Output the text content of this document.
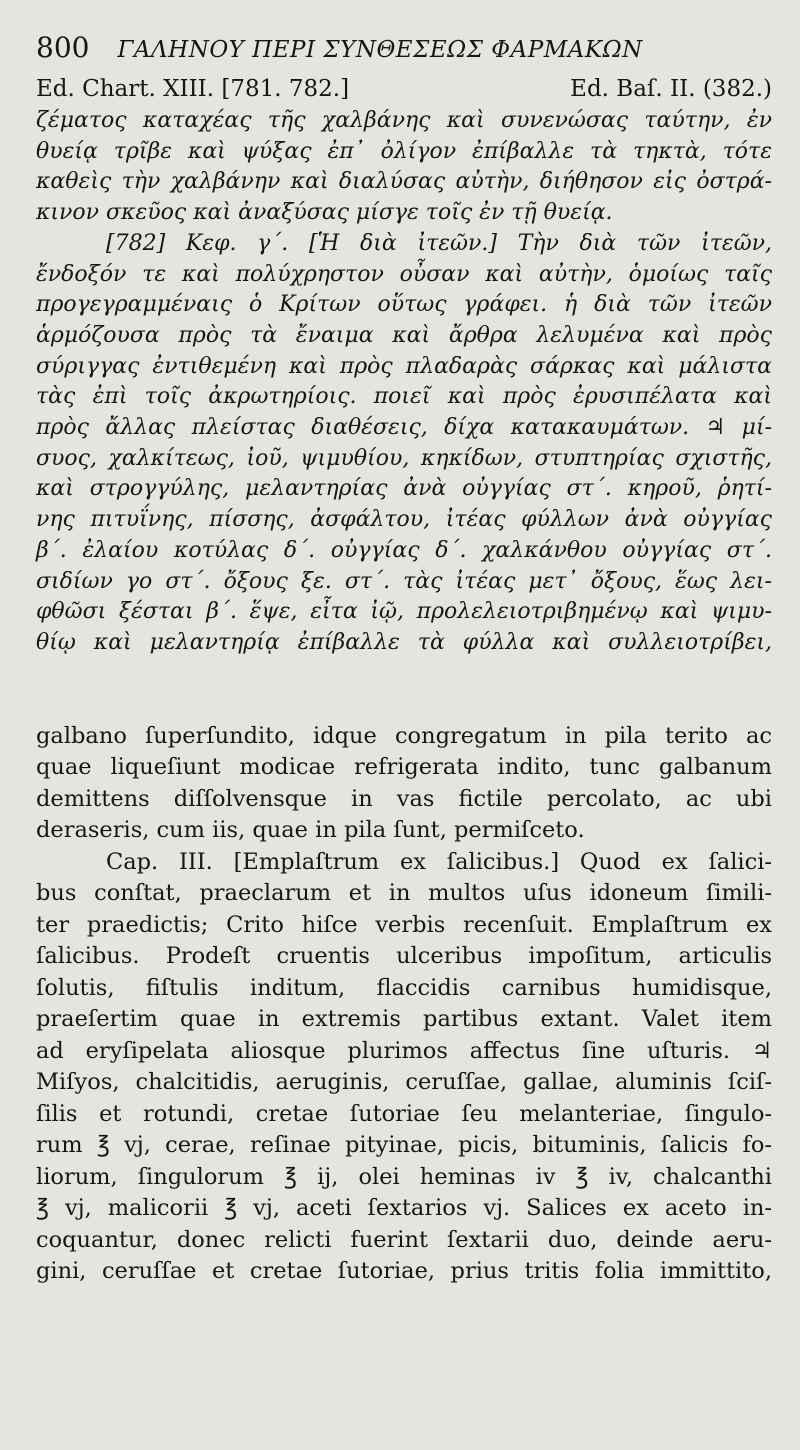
800 ΓΑΛΗΝΟΥ ΠΕΡΙ ΣΥΝΘΕΣΕΩΣ ΦΑΡΜΑΚΩΝ
Ed. Chart. XIII. [781. 782.]	Ed. Baſ. II. (382.)
ζέματος καταχέας τῆς χαλβάνης καὶ συνενώσας ταύτην, ἐν
θυείᾳ τρῖβε καὶ ψύξας ἐπ᾽ ὀλίγον ἐπίβαλλε τὰ τηκτὰ, τότε
καθεὶς τὴν χαλβάνην καὶ διαλύσας αὐτὴν, διήθησον εἰς ὀστρά-
κινον σκεῦος καὶ ἀναξύσας μίσγε τοῖς ἐν τῇ θυείᾳ.
[782] Κεφ. γ΄. [Ἡ διὰ ἰτεῶν.] Τὴν διὰ τῶν ἰτεῶν,
ἔνδοξόν τε καὶ πολύχρηστον οὖσαν καὶ αὐτὴν, ὁμοίως ταῖς
προγεγραμμέναις ὁ Κρίτων οὕτως γράφει. ἡ διὰ τῶν ἰτεῶν
ἁρμόζουσα πρὸς τὰ ἔναιμα καὶ ἄρθρα λελυμένα καὶ πρὸς
σύριγγας ἐντιθεμένη καὶ πρὸς πλαδαρὰς σάρκας καὶ μάλιστα
τὰς ἐπὶ τοῖς ἀκρωτηρίοις. ποιεῖ καὶ πρὸς ἐρυσιπέλατα καὶ
πρὸς ἄλλας πλείστας διαθέσεις, δίχα κατακαυμάτων. ♃ μί-
συος, χαλκίτεως, ἰοῦ, ψιμυθίου, κηκίδων, στυπτηρίας σχιστῆς,
καὶ στρογγύλης, μελαντηρίας ἀνὰ οὐγγίας στ΄. κηροῦ, ῥητί-
νης πιτυΐνης, πίσσης, ἀσφάλτου, ἰτέας φύλλων ἀνὰ οὐγγίας
β΄. ἐλαίου κοτύλας δ΄. οὐγγίας δ΄. χαλκάνθου οὐγγίας στ΄.
σιδίων γο στ΄. ὄξους ξε. στ΄. τὰς ἰτέας μετ᾽ ὄξους, ἕως λει-
φθῶσι ξέσται β΄. ἕψε, εἶτα ἰῷ, προλελειοτριβημένῳ καὶ ψιμυ-
θίῳ καὶ μελαντηρίᾳ ἐπίβαλλε τὰ φύλλα καὶ συλλειοτρίβει,
galbano ſuperſundito, idque congregatum in pila terito ac
quae liqueſiunt modicae refrigerata indito, tunc galbanum
demittens diſſolvensque in vas fictile percolato, ac ubi
deraseris, cum iis, quae in pila ſunt, permiſceto.
Cap. III. [Emplaſtrum ex ſalicibus.] Quod ex ſalici-
bus conſtat, praeclarum et in multos uſus idoneum ſimili-
ter praedictis; Crito hiſce verbis recenſuit. Emplaſtrum ex
ſalicibus. Prodeſt cruentis ulceribus impoſitum, articulis
ſolutis, fiſtulis inditum, flaccidis carnibus humidisque,
praeſertim quae in extremis partibus extant. Valet item
ad eryſipelata aliosque plurimos affectus ſine uſturis. ♃
Miſyos, chalcitidis, aeruginis, ceruſſae, gallae, aluminis ſciſ-
ſilis et rotundi, cretae ſutoriae ſeu melanteriae, ſingulo-
rum ℥ vj, cerae, reſinae pityinae, picis, bituminis, ſalicis fo-
liorum, ſingulorum ℥ ij, olei heminas iv ℥ iv, chalcanthi
℥ vj, malicorii ℥ vj, aceti ſextarios vj. Salices ex aceto in-
coquantur, donec relicti fuerint ſextarii duo, deinde aeru-
gini, ceruſſae et cretae ſutoriae, prius tritis folia immittito,
